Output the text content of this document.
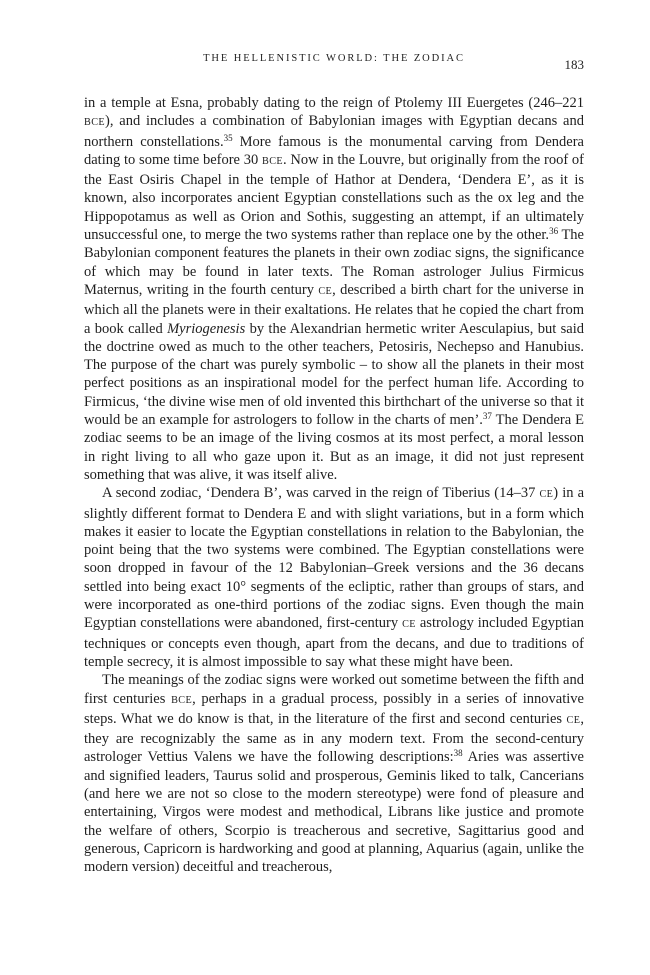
THE HELLENISTIC WORLD: THE ZODIAC	183

in a temple at Esna, probably dating to the reign of Ptolemy III Euergetes (246–221 BCE), and includes a combination of Babylonian images with Egyptian decans and northern constellations.$^{35}$ More famous is the monumental carving from Dendera dating to some time before 30 BCE. Now in the Louvre, but originally from the roof of the East Osiris Chapel in the temple of Hathor at Dendera, ‘Dendera E’, as it is known, also incorporates ancient Egyptian constellations such as the ox leg and the Hippopotamus as well as Orion and Sothis, suggesting an attempt, if an ultimately unsuccessful one, to merge the two systems rather than replace one by the other.$^{36}$ The Babylonian component features the planets in their own zodiac signs, the significance of which may be found in later texts. The Roman astrologer Julius Firmicus Maternus, writing in the fourth century CE, described a birth chart for the universe in which all the planets were in their exaltations. He relates that he copied the chart from a book called Myriogenesis by the Alexandrian hermetic writer Aesculapius, but said the doctrine owed as much to the other teachers, Petosiris, Nechepso and Hanubius. The purpose of the chart was purely symbolic – to show all the planets in their most perfect positions as an inspirational model for the perfect human life. According to Firmicus, ‘the divine wise men of old invented this birthchart of the universe so that it would be an example for astrologers to follow in the charts of men’.$^{37}$ The Dendera E zodiac seems to be an image of the living cosmos at its most perfect, a moral lesson in right living to all who gaze upon it. But as an image, it did not just represent something that was alive, it was itself alive.

A second zodiac, ‘Dendera B’, was carved in the reign of Tiberius (14–37 CE) in a slightly different format to Dendera E and with slight variations, but in a form which makes it easier to locate the Egyptian constellations in relation to the Babylonian, the point being that the two systems were combined. The Egyptian constellations were soon dropped in favour of the 12 Babylonian–Greek versions and the 36 decans settled into being exact 10° segments of the ecliptic, rather than groups of stars, and were incorporated as one-third portions of the zodiac signs. Even though the main Egyptian constellations were abandoned, first-century CE astrology included Egyptian techniques or concepts even though, apart from the decans, and due to traditions of temple secrecy, it is almost impossible to say what these might have been.

The meanings of the zodiac signs were worked out sometime between the fifth and first centuries BCE, perhaps in a gradual process, possibly in a series of innovative steps. What we do know is that, in the literature of the first and second centuries CE, they are recognizably the same as in any modern text. From the second-century astrologer Vettius Valens we have the following descriptions:$^{38}$ Aries was assertive and signified leaders, Taurus solid and prosperous, Geminis liked to talk, Cancerians (and here we are not so close to the modern stereotype) were fond of pleasure and entertaining, Virgos were modest and methodical, Librans like justice and promote the welfare of others, Scorpio is treacherous and secretive, Sagittarius good and generous, Capricorn is hardworking and good at planning, Aquarius (again, unlike the modern version) deceitful and treacherous,
